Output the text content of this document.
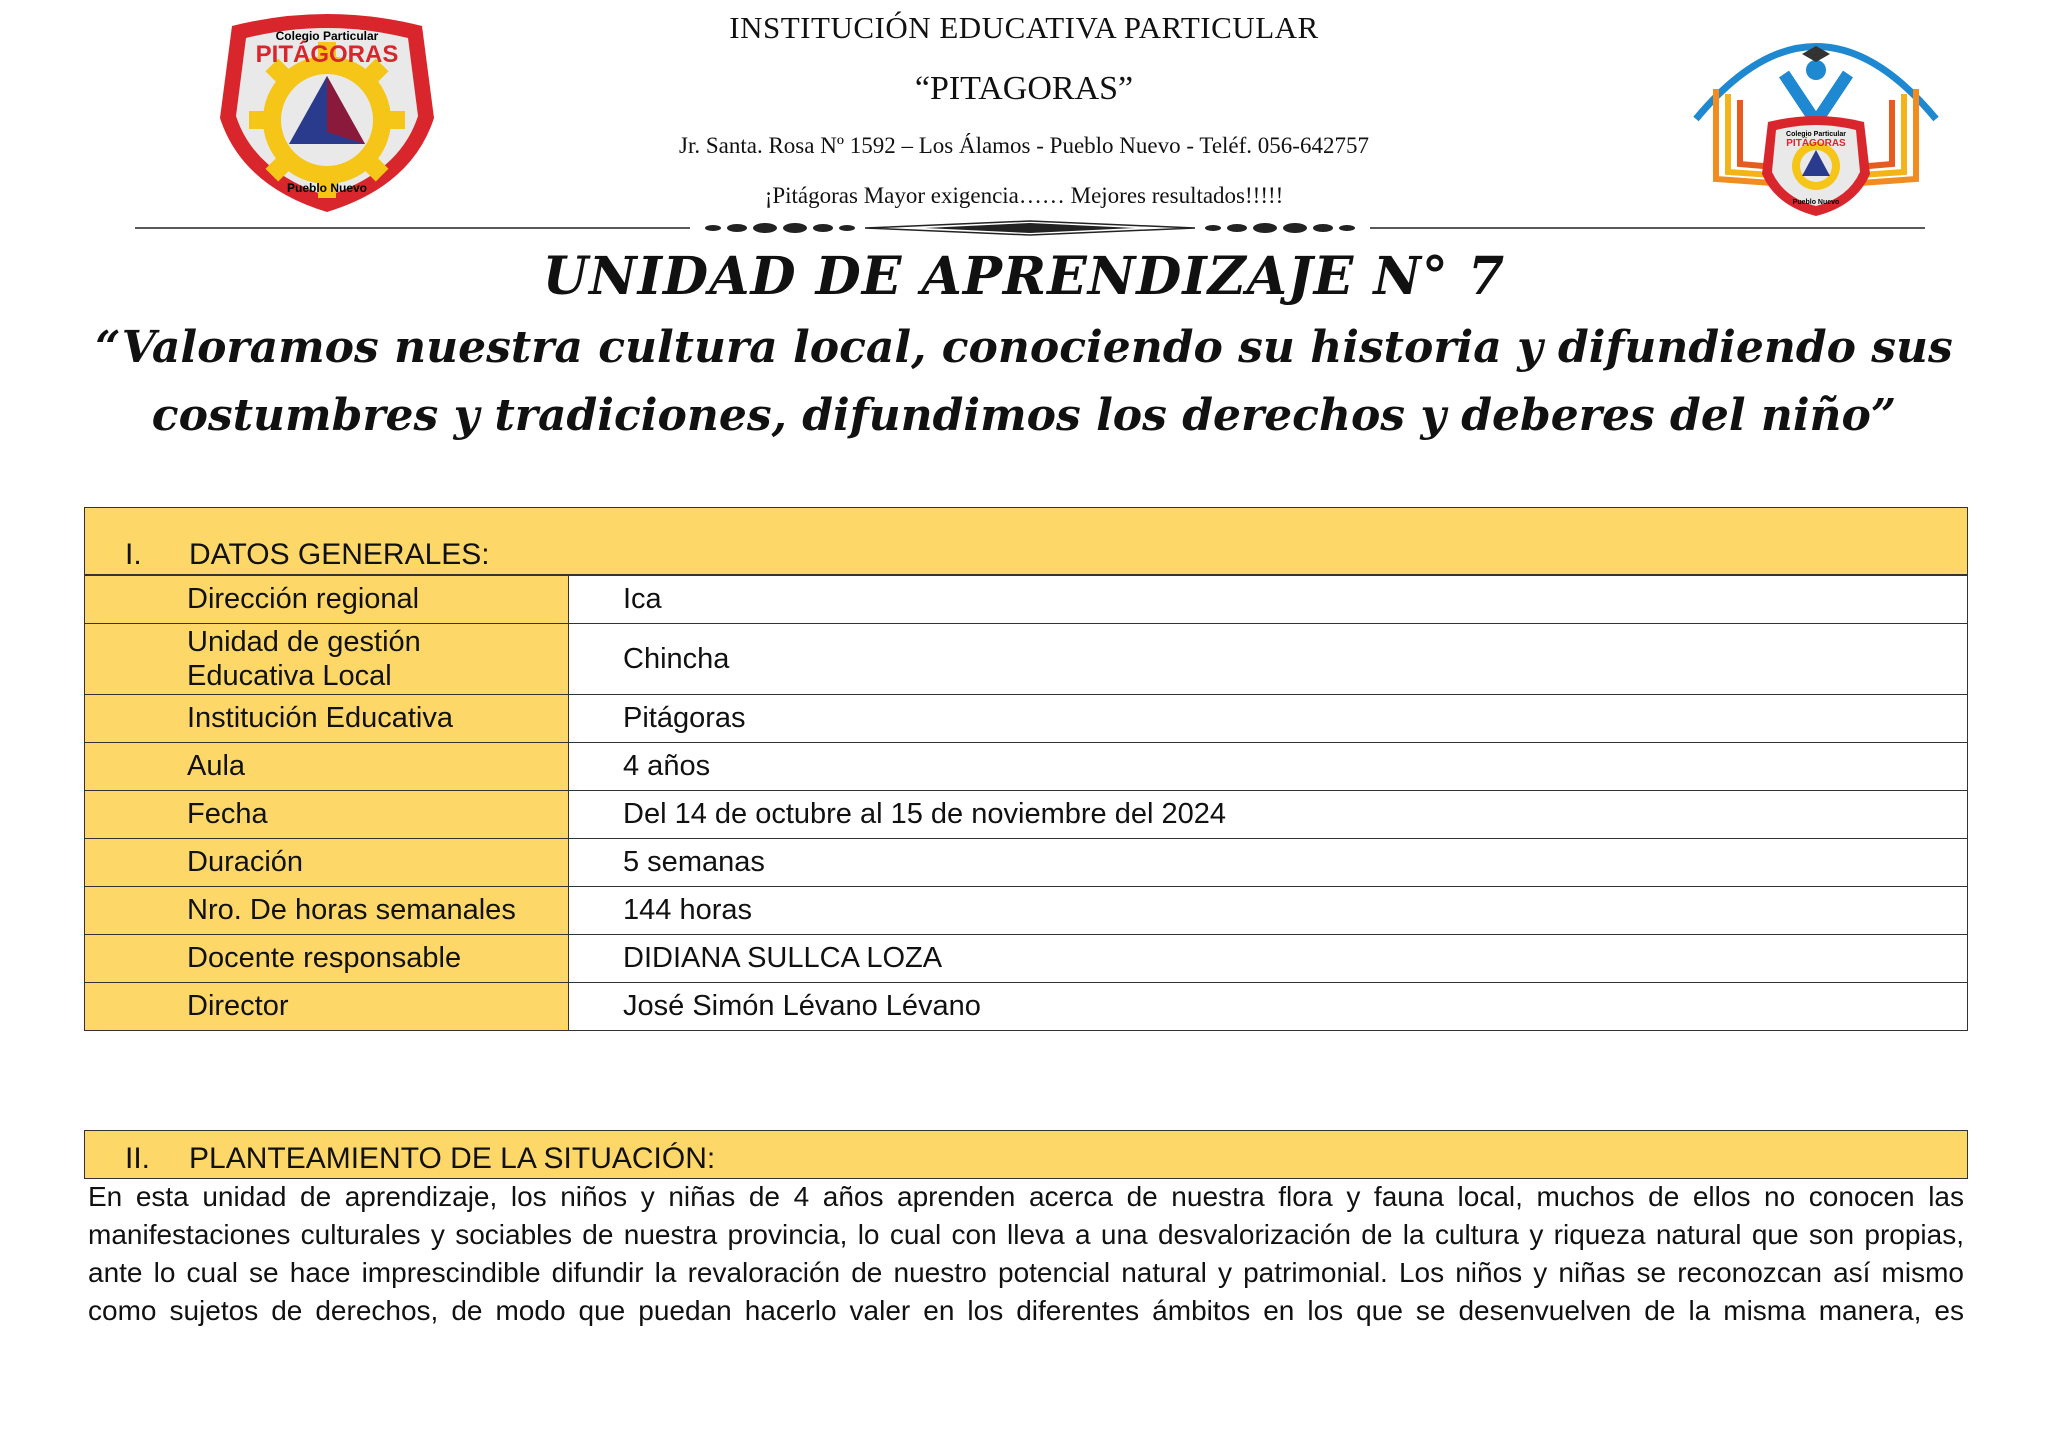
Colegio Particular
PITÁGORAS
Pueblo Nuevo
Colegio Particular
PITÁGORAS
Pueblo Nuevo
INSTITUCIÓN EDUCATIVA PARTICULAR
“PITAGORAS”
Jr. Santa. Rosa Nº 1592 – Los Álamos - Pueblo Nuevo - Teléf. 056-642757
¡Pitágoras Mayor exigencia…… Mejores resultados!!!!!
UNIDAD DE APRENDIZAJE N° 7
“Valoramos nuestra cultura local, conociendo su historia y difundiendo sus
costumbres y tradiciones, difundimos los derechos y deberes del niño”
I. DATOS GENERALES:
Dirección regional	Ica
Unidad de gestión
Educativa Local	Chincha
Institución Educativa	Pitágoras
Aula	4 años
Fecha	Del 14 de octubre al 15 de noviembre del 2024
Duración	5 semanas
Nro. De horas semanales	144 horas
Docente responsable	DIDIANA SULLCA LOZA
Director	José Simón Lévano Lévano
II. PLANTEAMIENTO DE LA SITUACIÓN:
En esta unidad de aprendizaje, los niños y niñas de 4 años aprenden acerca de nuestra flora y fauna local, muchos de ellos no conocen las manifestaciones culturales y sociables de nuestra provincia, lo cual con lleva a una desvalorización de la cultura y riqueza natural que son propias, ante lo cual se hace imprescindible difundir la revaloración de nuestro potencial natural y patrimonial. Los niños y niñas se reconozcan así mismo como sujetos de derechos, de modo que puedan hacerlo valer en los diferentes ámbitos en los que se desenvuelven de la misma manera, es
